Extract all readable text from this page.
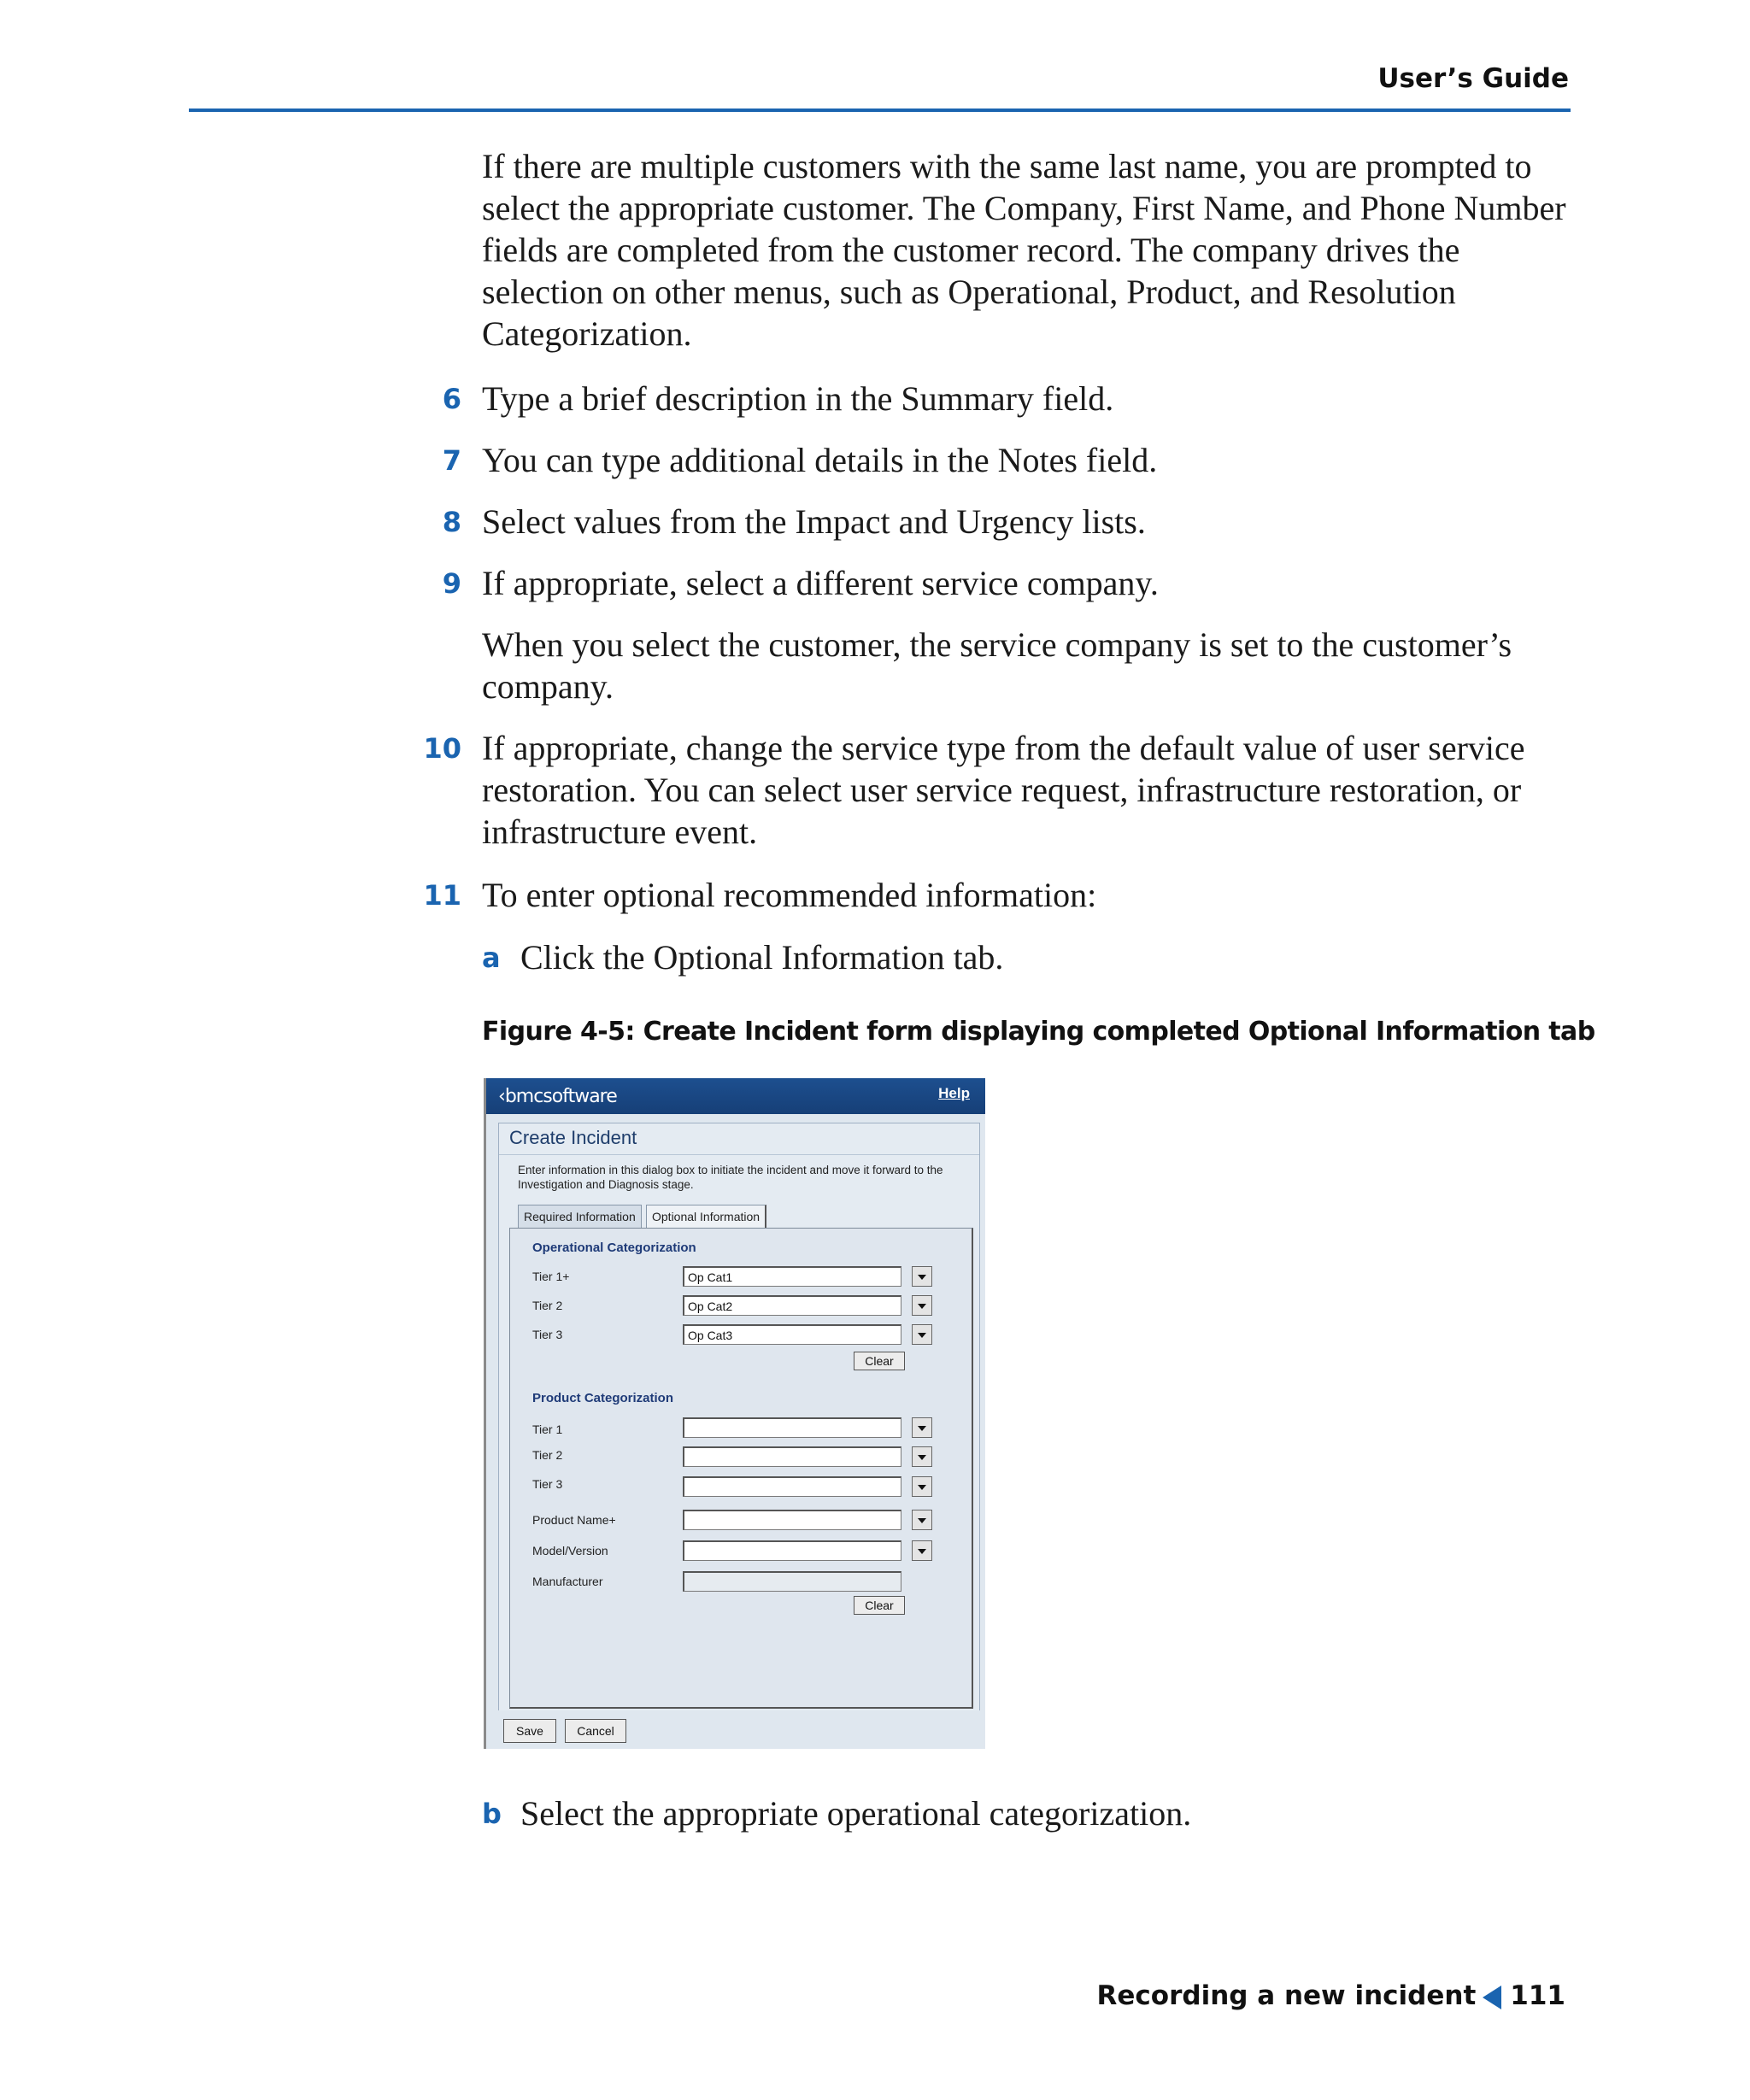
User’s Guide

If there are multiple customers with the same last name, you are prompted to select the appropriate customer. The Company, First Name, and Phone Number fields are completed from the customer record. The company drives the selection on other menus, such as Operational, Product, and Resolution Categorization.

6 Type a brief description in the Summary field.

7 You can type additional details in the Notes field.

8 Select values from the Impact and Urgency lists.

9 If appropriate, select a different service company.

When you select the customer, the service company is set to the customer’s company.

10 If appropriate, change the service type from the default value of user service restoration. You can select user service request, infrastructure restoration, or infrastructure event.

11 To enter optional recommended information:

a Click the Optional Information tab.

Figure 4-5: Create Incident form displaying completed Optional Information tab
‹bmcsoftware	Help
Create Incident
Enter information in this dialog box to initiate the incident and move it forward to the Investigation and Diagnosis stage.
Required Information	Optional Information
Operational Categorization
Tier 1+	Op Cat1
Tier 2	Op Cat2
Tier 3	Op Cat3
Clear
Product Categorization
Tier 1
Tier 2
Tier 3
Product Name+
Model/Version
Manufacturer
Clear
Save	Cancel
b Select the appropriate operational categorization.

Recording a new incident 111
